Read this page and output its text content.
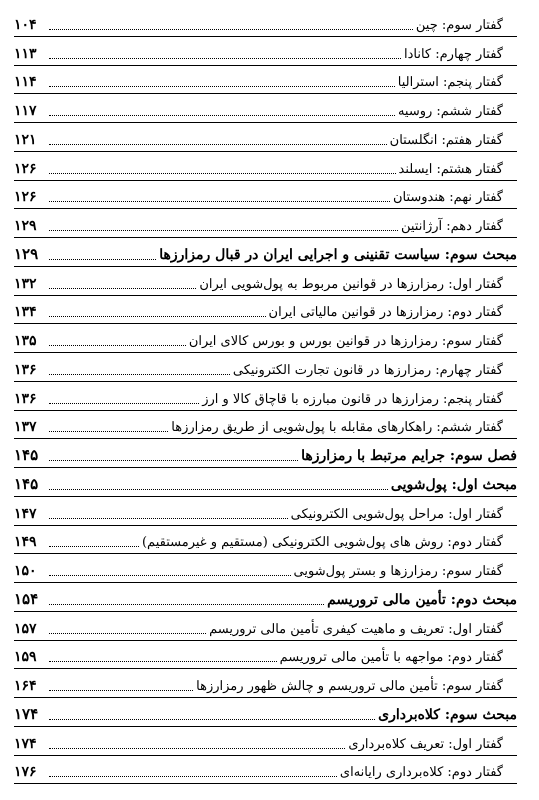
گفتار سوم: چین
۱۰۴
گفتار چهارم: کانادا
۱۱۳
گفتار پنجم: استرالیا
۱۱۴
گفتار ششم: روسیه
۱۱۷
گفتار هفتم: انگلستان
۱۲۱
گفتار هشتم: ایسلند
۱۲۶
گفتار نهم: هندوستان
۱۲۶
گفتار دهم: آرژانتین
۱۲۹
مبحث سوم: سیاست تقنینی و اجرایی ایران در قبال رمزارزها
۱۲۹
گفتار اول: رمزارزها در قوانین مربوط به پول‌شویی ایران
۱۳۲
گفتار دوم: رمزارزها در قوانین مالیاتی ایران
۱۳۴
گفتار سوم: رمزارزها در قوانین بورس و بورس کالای ایران
۱۳۵
گفتار چهارم: رمزارزها در قانون تجارت الکترونیکی
۱۳۶
گفتار پنجم: رمزارزها در قانون مبارزه با قاچاق کالا و ارز
۱۳۶
گفتار ششم: راهکارهای مقابله با پول‌شویی از طریق رمزارزها
۱۳۷
فصل سوم: جرایم مرتبط با رمزارزها
۱۴۵
مبحث اول: پول‌شویی
۱۴۵
گفتار اول: مراحل پول‌شویی الکترونیکی
۱۴۷
گفتار دوم: روش های پول‌شویی الکترونیکی (مستقیم و غیرمستقیم)
۱۴۹
گفتار سوم: رمزارزها و بستر پول‌شویی
۱۵۰
مبحث دوم: تأمین مالی تروریسم
۱۵۴
گفتار اول: تعریف و ماهیت کیفری تأمین مالی تروریسم
۱۵۷
گفتار دوم: مواجهه با تأمین مالی تروریسم
۱۵۹
گفتار سوم: تأمین مالی تروریسم و چالش ظهور رمزارزها
۱۶۴
مبحث سوم: کلاه‌برداری
۱۷۴
گفتار اول: تعریف کلاه‌برداری
۱۷۴
گفتار دوم: کلاه‌برداری رایانه‌ای
۱۷۶
